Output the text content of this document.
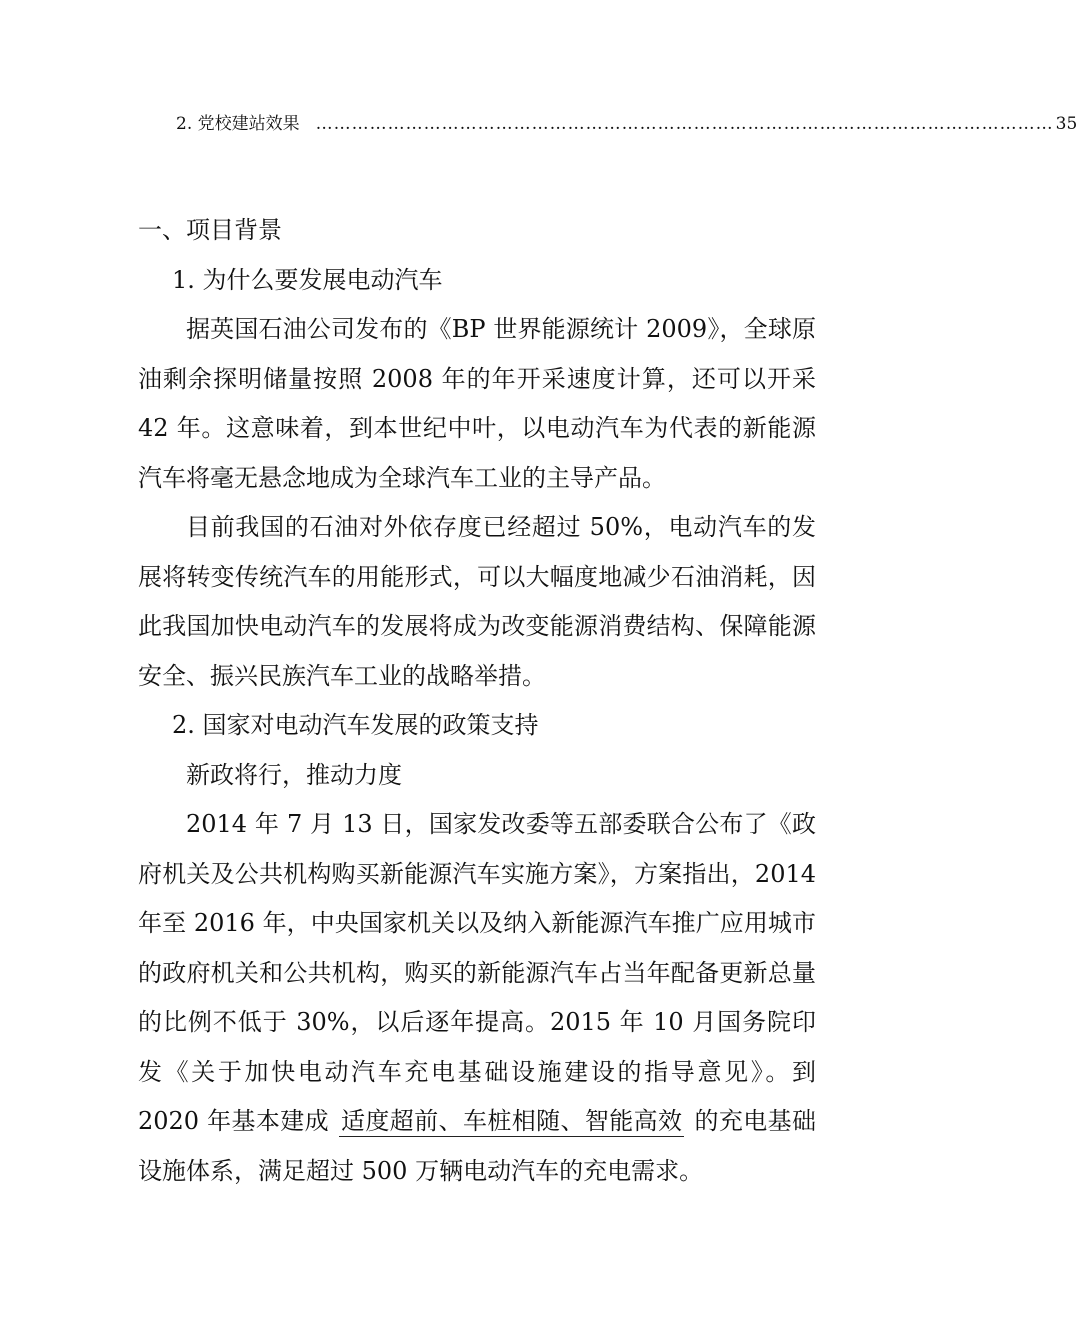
2. 党校建站效果 …………………………………………………………………………………………………………… 35

一、项目背景

1. 为什么要发展电动汽车

据英国石油公司发布的《BP 世界能源统计 2009》，全球原油剩余探明储量按照 2008 年的年开采速度计算，还可以开采 42 年。这意味着，到本世纪中叶，以电动汽车为代表的新能源汽车将毫无悬念地成为全球汽车工业的主导产品。

目前我国的石油对外依存度已经超过 50%，电动汽车的发展将转变传统汽车的用能形式，可以大幅度地减少石油消耗，因此我国加快电动汽车的发展将成为改变能源消费结构、保障能源安全、振兴民族汽车工业的战略举措。

2. 国家对电动汽车发展的政策支持

新政将行，推动力度

2014 年 7 月 13 日，国家发改委等五部委联合公布了《政府机关及公共机构购买新能源汽车实施方案》，方案指出，2014 年至 2016 年，中央国家机关以及纳入新能源汽车推广应用城市的政府机关和公共机构，购买的新能源汽车占当年配备更新总量的比例不低于 30%，以后逐年提高。2015 年 10 月国务院印发《关于加快电动汽车充电基础设施建设的指导意见》。到 2020 年基本建成 适度超前、车桩相随、智能高效 的充电基础设施体系，满足超过 500 万辆电动汽车的充电需求。
